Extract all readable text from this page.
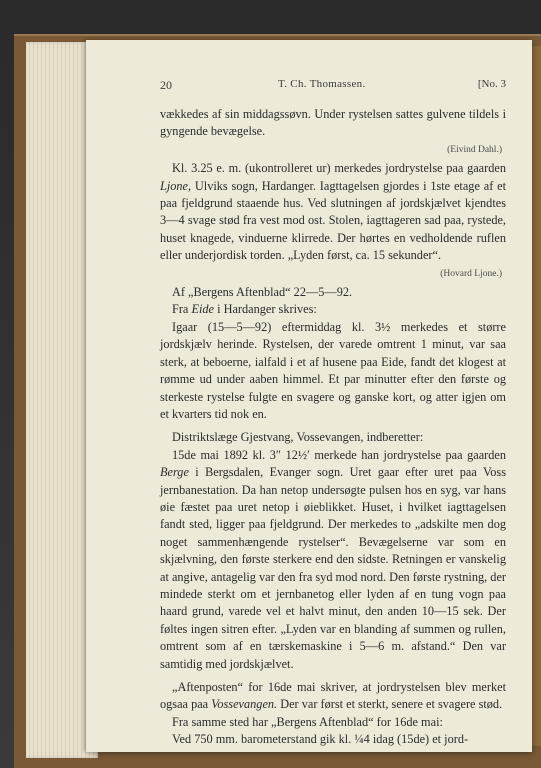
20	T. Ch. Thomassen.	[No. 3

vækkedes af sin middagssøvn. Under rystelsen sattes gulvene tildels i gyngende bevægelse.

(Eivind Dahl.)

Kl. 3.25 e. m. (ukontrolleret ur) merkedes jordrystelse paa gaarden Ljone, Ulviks sogn, Hardanger. Iagttagelsen gjordes i 1ste etage af et paa fjeldgrund staaende hus. Ved slutningen af jordskjælvet kjendtes 3—4 svage stød fra vest mod ost. Stolen, iagttageren sad paa, rystede, huset knagede, vinduerne klirrede. Der hørtes en vedholdende ruflen eller underjordisk torden. „Lyden først, ca. 15 sekunder“.

(Hovard Ljone.)

Af „Bergens Aftenblad“ 22—5—92.

Fra Eide i Hardanger skrives:

Igaar (15—5—92) eftermiddag kl. 3½ merkedes et større jordskjælv herinde. Rystelsen, der varede omtrent 1 minut, var saa sterk, at beboerne, ialfald i et af husene paa Eide, fandt det klogest at rømme ud under aaben himmel. Et par minutter efter den første og sterkeste rystelse fulgte en svagere og ganske kort, og atter igjen om et kvarters tid nok en.

Distriktslæge Gjestvang, Vossevangen, indberetter:

15de mai 1892 kl. 3″ 12½′ merkede han jordrystelse paa gaarden Berge i Bergsdalen, Evanger sogn. Uret gaar efter uret paa Voss jernbanestation. Da han netop undersøgte pulsen hos en syg, var hans øie fæstet paa uret netop i øieblikket. Huset, i hvilket iagttagelsen fandt sted, ligger paa fjeldgrund. Der merkedes to „adskilte men dog noget sammenhængende rystelser“. Bevægelserne var som en skjælvning, den første sterkere end den sidste. Retningen er vanskelig at angive, antagelig var den fra syd mod nord. Den første rystning, der mindede sterkt om et jernbanetog eller lyden af en tung vogn paa haard grund, varede vel et halvt minut, den anden 10—15 sek. Der føltes ingen sitren efter. „Lyden var en blanding af summen og rullen, omtrent som af en tærskemaskine i 5—6 m. afstand.“ Den var samtidig med jordskjælvet.

„Aftenposten“ for 16de mai skriver, at jordrystelsen blev merket ogsaa paa Vossevangen. Der var først et sterkt, senere et svagere stød.

Fra samme sted har „Bergens Aftenblad“ for 16de mai:

Ved 750 mm. barometerstand gik kl. ¼4 idag (15de) et jord-
